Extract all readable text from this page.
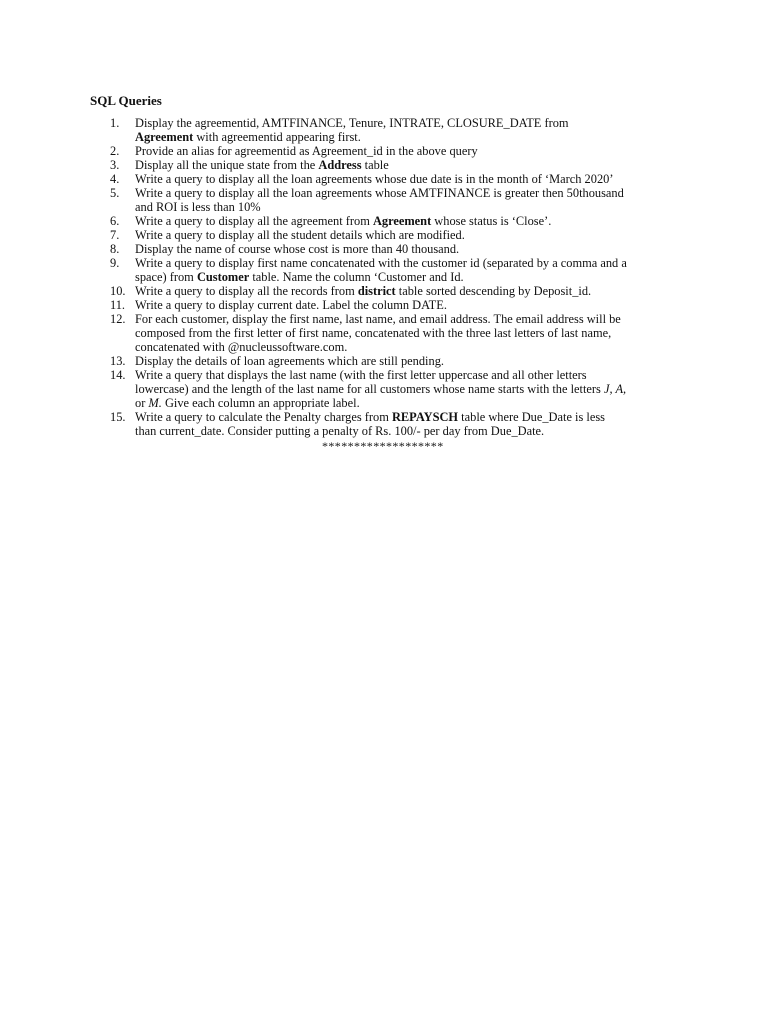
SQL Queries
1. Display the agreementid, AMTFINANCE, Tenure, INTRATE, CLOSURE_DATE from
Agreement with agreementid appearing first.
2. Provide an alias for agreementid as Agreement_id in the above query
3. Display all the unique state from the Address table
4. Write a query to display all the loan agreements whose due date is in the month of ‘March 2020’
5. Write a query to display all the loan agreements whose AMTFINANCE is greater then 50thousand
and ROI is less than 10%
6. Write a query to display all the agreement from Agreement whose status is ‘Close’.
7. Write a query to display all the student details which are modified.
8. Display the name of course whose cost is more than 40 thousand.
9. Write a query to display first name concatenated with the customer id (separated by a comma and a
space) from Customer table. Name the column ‘Customer and Id.
10. Write a query to display all the records from district table sorted descending by Deposit_id.
11. Write a query to display current date. Label the column DATE.
12. For each customer, display the first name, last name, and email address. The email address will be
composed from the first letter of first name, concatenated with the three last letters of last name,
concatenated with @nucleussoftware.com.
13. Display the details of loan agreements which are still pending.
14. Write a query that displays the last name (with the first letter uppercase and all other letters
lowercase) and the length of the last name for all customers whose name starts with the letters J, A,
or M. Give each column an appropriate label.
15. Write a query to calculate the Penalty charges from REPAYSCH table where Due_Date is less
than current_date. Consider putting a penalty of Rs. 100/- per day from Due_Date.
*******************
